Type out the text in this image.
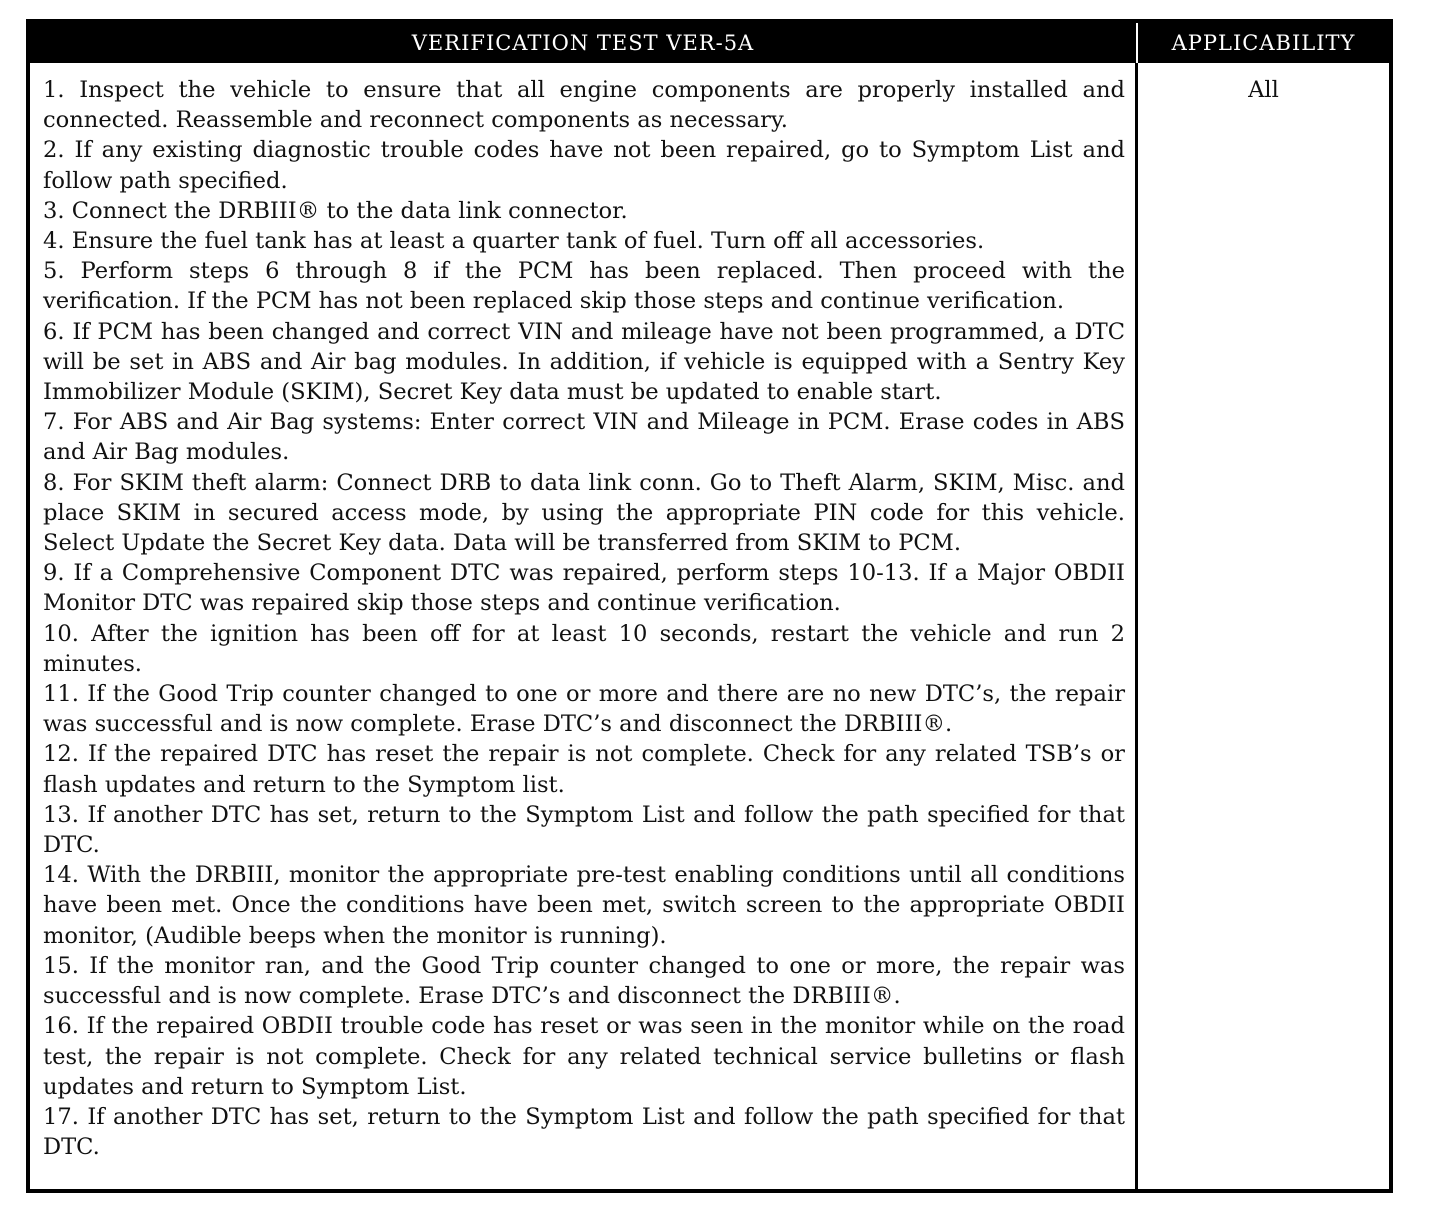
VERIFICATION TEST VER-5A	APPLICABILITY
1. Inspect the vehicle to ensure that all engine components are properly installed and connected. Reassemble and reconnect components as necessary.
2. If any existing diagnostic trouble codes have not been repaired, go to Symptom List and follow path specified.
3. Connect the DRBIII® to the data link connector.
4. Ensure the fuel tank has at least a quarter tank of fuel. Turn off all accessories.
5. Perform steps 6 through 8 if the PCM has been replaced. Then proceed with the verification. If the PCM has not been replaced skip those steps and continue verification.
6. If PCM has been changed and correct VIN and mileage have not been programmed, a DTC will be set in ABS and Air bag modules. In addition, if vehicle is equipped with a Sentry Key Immobilizer Module (SKIM), Secret Key data must be updated to enable start.
7. For ABS and Air Bag systems: Enter correct VIN and Mileage in PCM. Erase codes in ABS and Air Bag modules.
8. For SKIM theft alarm: Connect DRB to data link conn. Go to Theft Alarm, SKIM, Misc. and place SKIM in secured access mode, by using the appropriate PIN code for this vehicle. Select Update the Secret Key data. Data will be transferred from SKIM to PCM.
9. If a Comprehensive Component DTC was repaired, perform steps 10-13. If a Major OBDII Monitor DTC was repaired skip those steps and continue verification.
10. After the ignition has been off for at least 10 seconds, restart the vehicle and run 2 minutes.
11. If the Good Trip counter changed to one or more and there are no new DTC’s, the repair was successful and is now complete. Erase DTC’s and disconnect the DRBIII®.
12. If the repaired DTC has reset the repair is not complete. Check for any related TSB’s or flash updates and return to the Symptom list.
13. If another DTC has set, return to the Symptom List and follow the path specified for that DTC.
14. With the DRBIII, monitor the appropriate pre-test enabling conditions until all conditions have been met. Once the conditions have been met, switch screen to the appropriate OBDII monitor, (Audible beeps when the monitor is running).
15. If the monitor ran, and the Good Trip counter changed to one or more, the repair was successful and is now complete. Erase DTC’s and disconnect the DRBIII®.
16. If the repaired OBDII trouble code has reset or was seen in the monitor while on the road test, the repair is not complete. Check for any related technical service bulletins or flash updates and return to Symptom List.
17. If another DTC has set, return to the Symptom List and follow the path specified for that DTC.
All
